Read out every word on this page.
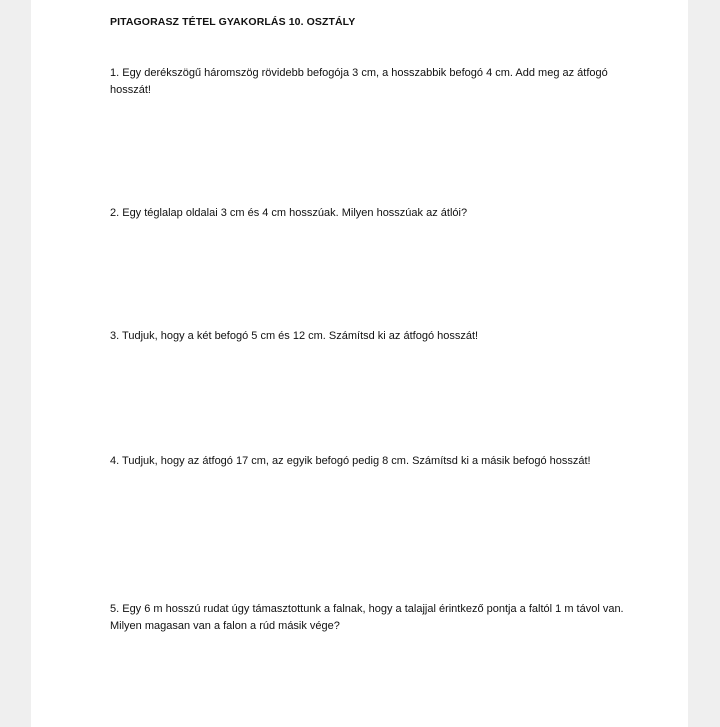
PITAGORASZ TÉTEL GYAKORLÁS 10. OSZTÁLY
1. Egy derékszögű háromszög rövidebb befogója 3 cm, a hosszabbik befogó 4 cm. Add meg az átfogó hosszát!
2. Egy téglalap oldalai 3 cm és 4 cm hosszúak. Milyen hosszúak az átlói?
3. Tudjuk, hogy a két befogó 5 cm és 12 cm. Számítsd ki az átfogó hosszát!
4. Tudjuk, hogy az átfogó 17 cm, az egyik befogó pedig 8 cm. Számítsd ki a másik befogó hosszát!
5. Egy 6 m hosszú rudat úgy támasztottunk a falnak, hogy a talajjal érintkező pontja a faltól 1 m távol van. Milyen magasan van a falon a rúd másik vége?
